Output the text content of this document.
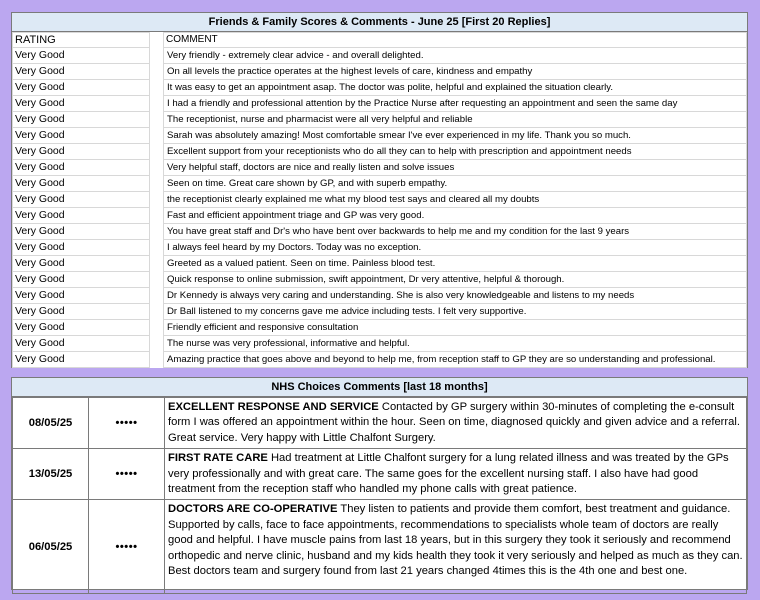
Friends & Family Scores & Comments - June 25 [First 20 Replies]
RATING		COMMENT
Very Good		Very friendly - extremely clear advice - and overall delighted.
Very Good		On all levels the practice operates at the highest levels of care, kindness and empathy
Very Good		It was easy to get an appointment asap. The doctor was polite, helpful and explained the situation clearly.
Very Good		I had a friendly and professional attention by the Practice Nurse after requesting an appointment and seen the same day
Very Good		The receptionist, nurse and pharmacist were all very helpful and reliable
Very Good		Sarah was absolutely amazing! Most comfortable smear I've ever experienced in my life. Thank you so much.
Very Good		Excellent support from your receptionists who do all they can to help with prescription and appointment needs
Very Good		Very helpful staff, doctors are nice and really listen and solve issues
Very Good		Seen on time. Great care shown by GP, and with superb empathy.
Very Good		the receptionist clearly explained me what my blood test says and cleared all my doubts
Very Good		Fast and efficient appointment triage and GP was very good.
Very Good		You have great staff and Dr's who have bent over backwards to help me and my condition for the last 9 years
Very Good		I always feel heard by my Doctors. Today was no exception.
Very Good		Greeted as a valued patient. Seen on time. Painless blood test.
Very Good		Quick response to online submission, swift appointment, Dr very attentive, helpful & thorough.
Very Good		Dr Kennedy is always very caring and understanding. She is also very knowledgeable and listens to my needs
Very Good		Dr Ball listened to my concerns gave me advice including tests. I felt very supportive.
Very Good		Friendly efficient and responsive consultation
Very Good		The nurse was very professional, informative and helpful.
Very Good		Amazing practice that goes above and beyond to help me, from reception staff to GP they are so understanding and professional.
NHS Choices Comments [last 18 months]
08/05/25	•••••	EXCELLENT RESPONSE AND SERVICE Contacted by GP surgery within 30-minutes of completing the e-consult form I was offered an appointment within the hour. Seen on time, diagnosed quickly and given advice and a referral. Great service. Very happy with Little Chalfont Surgery.
13/05/25	•••••	FIRST RATE CARE Had treatment at Little Chalfont surgery for a lung related illness and was treated by the GPs very professionally and with great care. The same goes for the excellent nursing staff. I also have had good treatment from the reception staff who handled my phone calls with great patience.
06/05/25	•••••	DOCTORS ARE CO-OPERATIVE They listen to patients and provide them comfort, best treatment and guidance. Supported by calls, face to face appointments, recommendations to specialists whole team of doctors are really good and helpful. I have muscle pains from last 18 years, but in this surgery they took it seriously and recommend orthopedic and nerve clinic, husband and my kids health they took it very seriously and helped as much as they can. Best doctors team and surgery found from last 21 years changed 4times this is the 4th one and best one.
